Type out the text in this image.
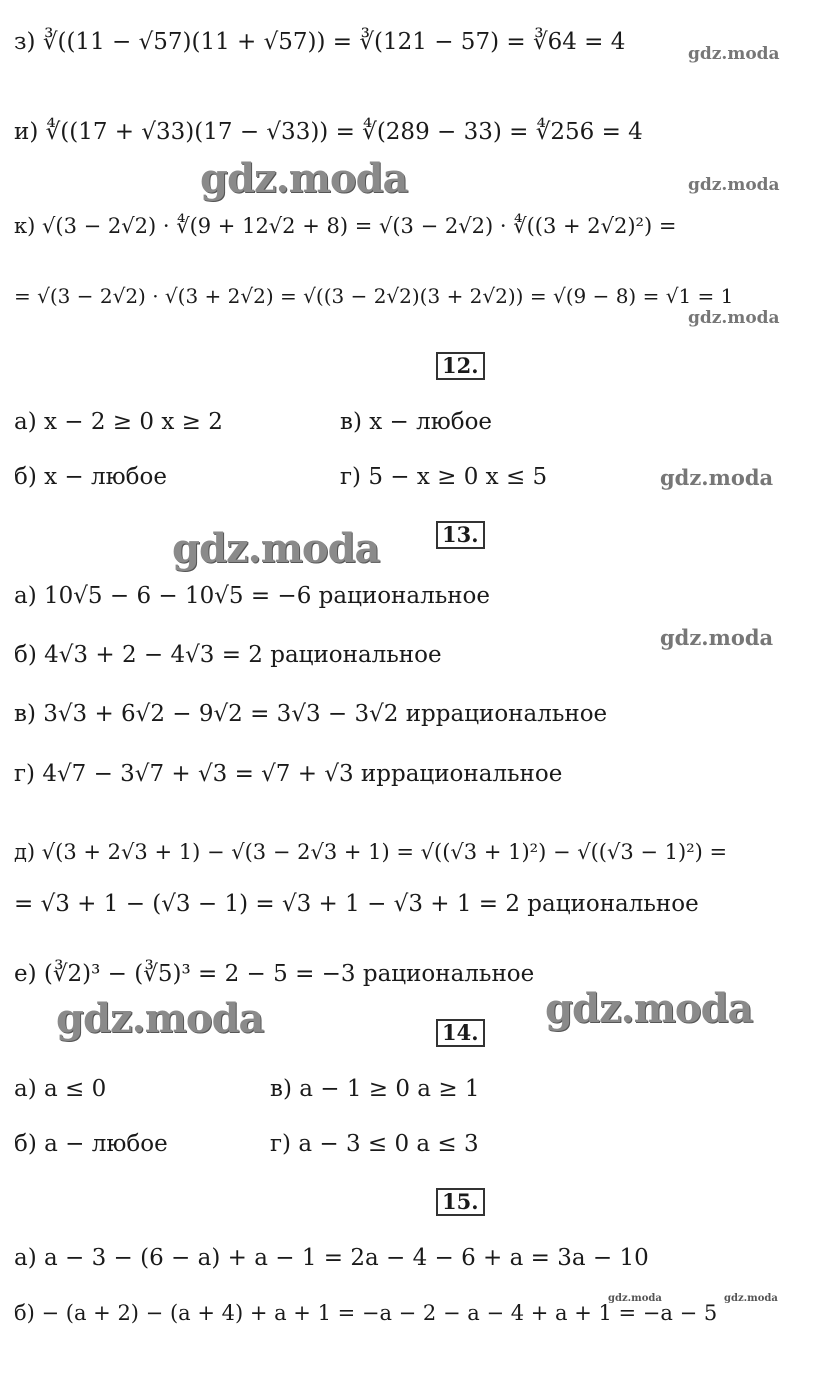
gdz.moda
gdz.moda	gdz.moda
gdz.moda
gdz.moda
gdz.moda
gdz.moda
gdz.moda	gdz.moda
gdz.moda	gdz.moda
з) ∛((11 − √57)(11 + √57)) = ∛(121 − 57) = ∛64 = 4
и) ∜((17 + √33)(17 − √33)) = ∜(289 − 33) = ∜256 = 4
к) √(3 − 2√2) · ∜(9 + 12√2 + 8) = √(3 − 2√2) · ∜((3 + 2√2)²) =
= √(3 − 2√2) · √(3 + 2√2) = √((3 − 2√2)(3 + 2√2)) = √(9 − 8) = √1 = 1
12.
а) x − 2 ≥ 0 x ≥ 2	в) x − любое
б) x − любое	г) 5 − x ≥ 0 x ≤ 5
13.
а) 10√5 − 6 − 10√5 = −6 рациональное
б) 4√3 + 2 − 4√3 = 2 рациональное
в) 3√3 + 6√2 − 9√2 = 3√3 − 3√2 иррациональное
г) 4√7 − 3√7 + √3 = √7 + √3 иррациональное
д) √(3 + 2√3 + 1) − √(3 − 2√3 + 1) = √((√3 + 1)²) − √((√3 − 1)²) =
= √3 + 1 − (√3 − 1) = √3 + 1 − √3 + 1 = 2 рациональное
е) (∛2)³ − (∛5)³ = 2 − 5 = −3 рациональное
14.
а) a ≤ 0	в) a − 1 ≥ 0 a ≥ 1
б) a − любое	г) a − 3 ≤ 0 a ≤ 3
15.
а) a − 3 − (6 − a) + a − 1 = 2a − 4 − 6 + a = 3a − 10
б) − (a + 2) − (a + 4) + a + 1 = −a − 2 − a − 4 + a + 1 = −a − 5
